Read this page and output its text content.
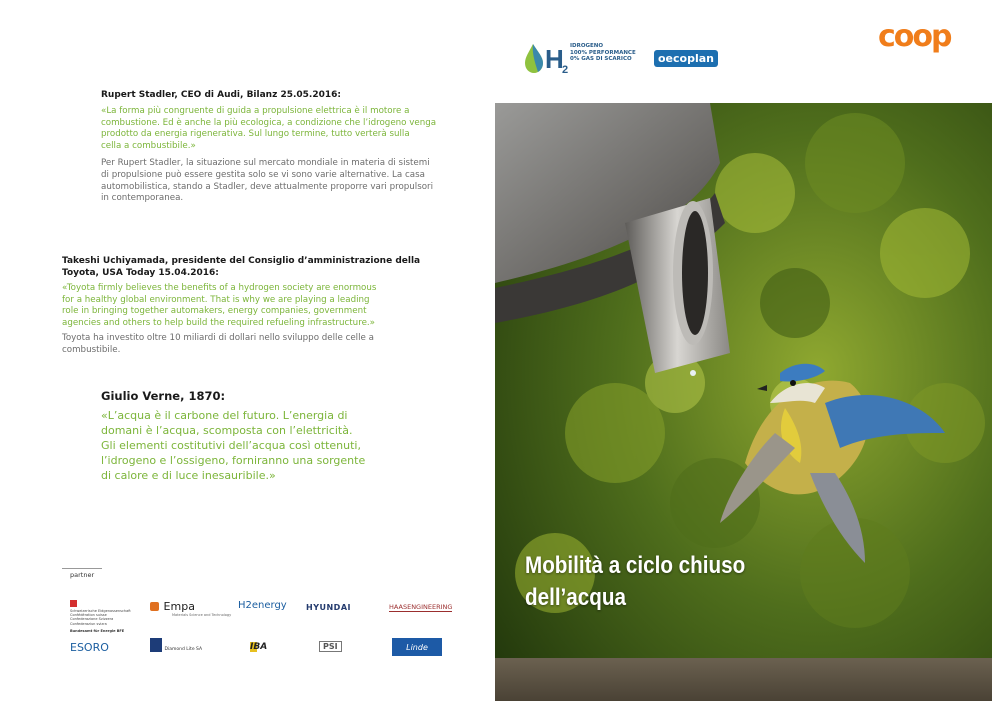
coop
H
2
IDROGENO
100% PERFORMANCE
0% GAS DI SCARICO	oecoplan
Rupert Stadler, CEO di Audi, Bilanz 25.05.2016:
«La forma più congruente di guida a propulsione elettrica è il motore a
combustione. Ed è anche la più ecologica, a condizione che l’idrogeno venga
prodotto da energia rigenerativa. Sul lungo termine, tutto verterà sulla
cella a combustibile.»
Per Rupert Stadler, la situazione sul mercato mondiale in materia di sistemi
di propulsione può essere gestita solo se vi sono varie alternative. La casa
automobilistica, stando a Stadler, deve attualmente proporre vari propulsori
in contemporanea.
Takeshi Uchiyamada, presidente del Consiglio d’amministrazione della
Toyota, USA Today 15.04.2016:
«Toyota firmly believes the benefits of a hydrogen society are enormous
for a healthy global environment. That is why we are playing a leading
role in bringing together automakers, energy companies, government
agencies and others to help build the required refueling infrastructure.»
Toyota ha investito oltre 10 miliardi di dollari nello sviluppo delle celle a
combustibile.
Giulio Verne, 1870:
«L’acqua è il carbone del futuro. L’energia di
domani è l’acqua, scomposta con l’elettricità.
Gli elementi costitutivi dell’acqua così ottenuti,
l’idrogeno e l’ossigeno, forniranno una sorgente
di calore e di luce inesauribile.»
Mobilità a ciclo chiuso
dell’acqua
partner

Schweizerische Eidgenossenschaft
Confédération suisse
Confederazione Svizzera
Confederaziun svizra
Bundesamt für Energie BFE
Empa
Materials Science and Technology
H2energy HYUNDAI	HAASENGINEERING
ESORO	Diamond Lite SA	IBA	PSI	Linde
